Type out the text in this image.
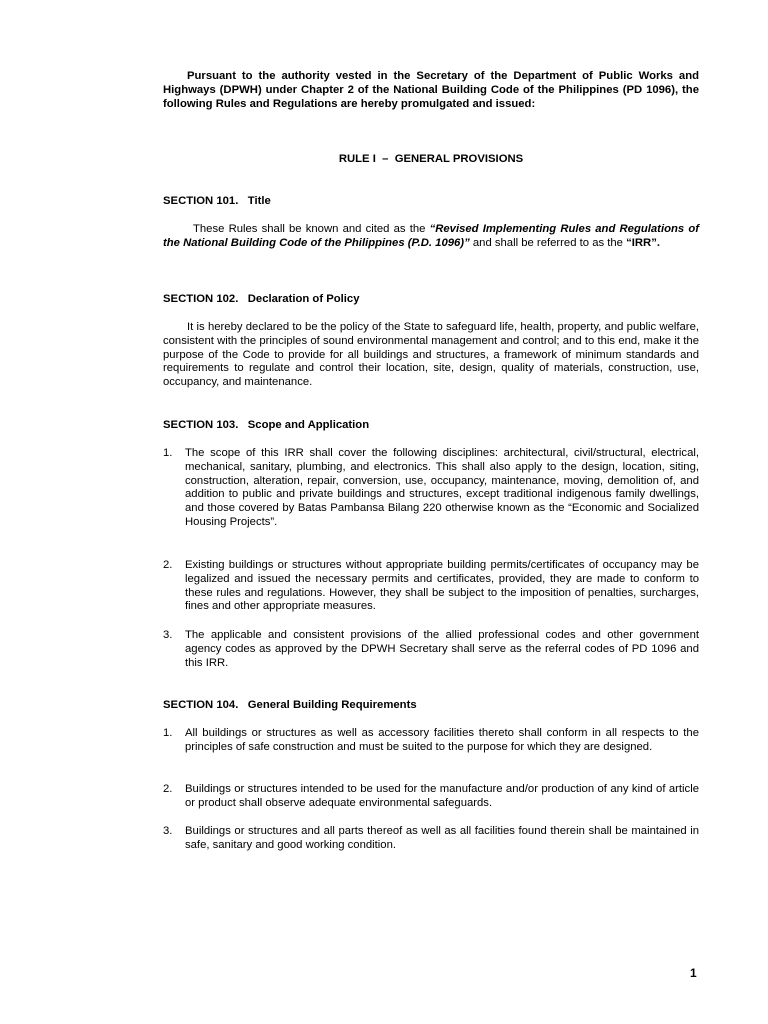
Pursuant to the authority vested in the Secretary of the Department of Public Works and Highways (DPWH) under Chapter 2 of the National Building Code of the Philippines (PD 1096), the following Rules and Regulations are hereby promulgated and issued:
RULE I  –  GENERAL PROVISIONS
SECTION 101.   Title
These Rules shall be known and cited as the “Revised Implementing Rules and Regulations of the National Building Code of the Philippines (P.D. 1096)” and shall be referred to as the “IRR”.
SECTION 102.   Declaration of Policy
It is hereby declared to be the policy of the State to safeguard life, health, property, and public welfare, consistent with the principles of sound environmental management and control; and to this end, make it the purpose of the Code to provide for all buildings and structures, a framework of minimum standards and requirements to regulate and control their location, site, design, quality of materials, construction, use, occupancy, and maintenance.
SECTION 103.   Scope and Application
1. The scope of this IRR shall cover the following disciplines: architectural, civil/structural, electrical, mechanical, sanitary, plumbing, and electronics. This shall also apply to the design, location, siting, construction, alteration, repair, conversion, use, occupancy, maintenance, moving, demolition of, and addition to public and private buildings and structures, except traditional indigenous family dwellings, and those covered by Batas Pambansa Bilang 220 otherwise known as the “Economic and Socialized Housing Projects”.
2. Existing buildings or structures without appropriate building permits/certificates of occupancy may be legalized and issued the necessary permits and certificates, provided, they are made to conform to these rules and regulations. However, they shall be subject to the imposition of penalties, surcharges, fines and other appropriate measures.
3. The applicable and consistent provisions of the allied professional codes and other government agency codes as approved by the DPWH Secretary shall serve as the referral codes of PD 1096 and this IRR.
SECTION 104.   General Building Requirements
1. All buildings or structures as well as accessory facilities thereto shall conform in all respects to the principles of safe construction and must be suited to the purpose for which they are designed.
2. Buildings or structures intended to be used for the manufacture and/or production of any kind of article or product shall observe adequate environmental safeguards.
3. Buildings or structures and all parts thereof as well as all facilities found therein shall be maintained in safe, sanitary and good working condition.
1
